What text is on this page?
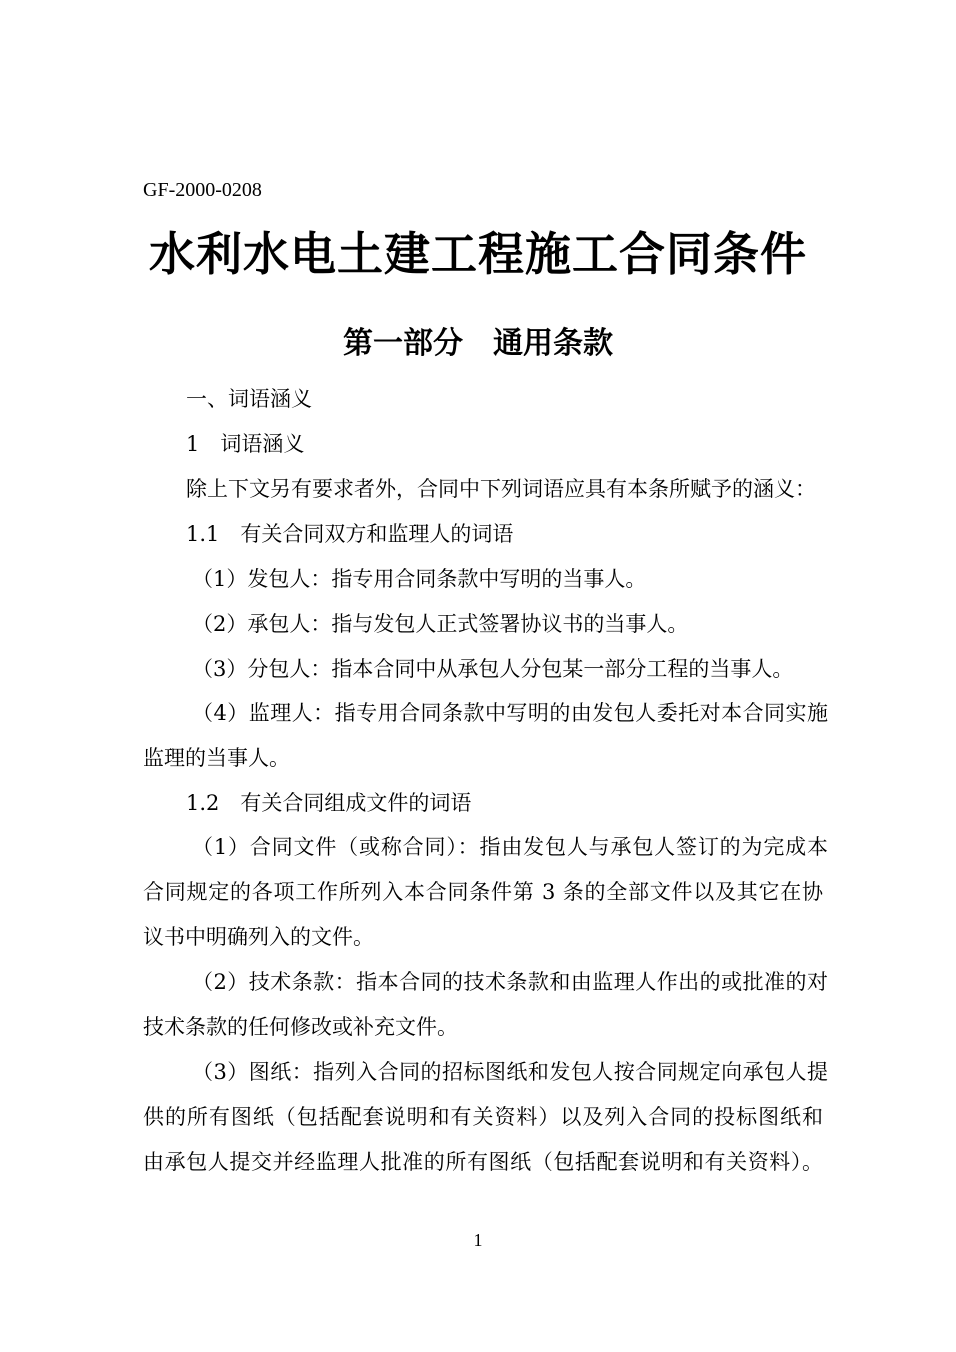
GF-2000-0208
水利水电土建工程施工合同条件
第一部分　通用条款
一、词语涵义
1　词语涵义
除上下文另有要求者外，合同中下列词语应具有本条所赋予的涵义：
1.1　有关合同双方和监理人的词语
（1）发包人：指专用合同条款中写明的当事人。
（2）承包人：指与发包人正式签署协议书的当事人。
（3）分包人：指本合同中从承包人分包某一部分工程的当事人。
（4）监理人：指专用合同条款中写明的由发包人委托对本合同实施
监理的当事人。
1.2　有关合同组成文件的词语
（1）合同文件（或称合同）：指由发包人与承包人签订的为完成本
合同规定的各项工作所列入本合同条件第 3 条的全部文件以及其它在协
议书中明确列入的文件。
（2）技术条款：指本合同的技术条款和由监理人作出的或批准的对
技术条款的任何修改或补充文件。
（3）图纸：指列入合同的招标图纸和发包人按合同规定向承包人提
供的所有图纸（包括配套说明和有关资料）以及列入合同的投标图纸和
由承包人提交并经监理人批准的所有图纸（包括配套说明和有关资料）。
1
